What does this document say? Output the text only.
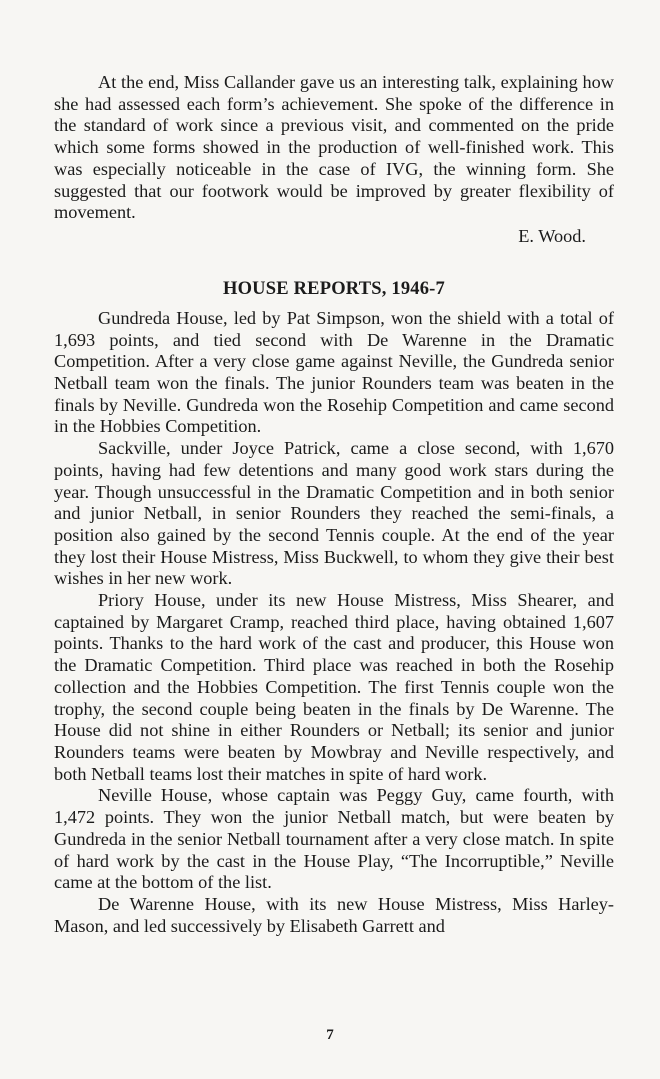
At the end, Miss Callander gave us an interesting talk, explaining how she had assessed each form’s achievement. She spoke of the difference in the standard of work since a previous visit, and commented on the pride which some forms showed in the production of well-finished work. This was especially noticeable in the case of IVG, the winning form. She suggested that our footwork would be improved by greater flexibility of movement.

E. Wood.
HOUSE REPORTS, 1946-7

Gundreda House, led by Pat Simpson, won the shield with a total of 1,693 points, and tied second with De Warenne in the Dramatic Competition. After a very close game against Neville, the Gundreda senior Netball team won the finals. The junior Rounders team was beaten in the finals by Neville. Gundreda won the Rosehip Competition and came second in the Hobbies Competition.

Sackville, under Joyce Patrick, came a close second, with 1,670 points, having had few detentions and many good work stars during the year. Though unsuccessful in the Dramatic Competition and in both senior and junior Netball, in senior Rounders they reached the semi-finals, a position also gained by the second Tennis couple. At the end of the year they lost their House Mistress, Miss Buckwell, to whom they give their best wishes in her new work.

Priory House, under its new House Mistress, Miss Shearer, and captained by Margaret Cramp, reached third place, having obtained 1,607 points. Thanks to the hard work of the cast and producer, this House won the Dramatic Competition. Third place was reached in both the Rosehip collection and the Hobbies Competition. The first Tennis couple won the trophy, the second couple being beaten in the finals by De Warenne. The House did not shine in either Rounders or Netball; its senior and junior Rounders teams were beaten by Mowbray and Neville respectively, and both Netball teams lost their matches in spite of hard work.

Neville House, whose captain was Peggy Guy, came fourth, with 1,472 points. They won the junior Netball match, but were beaten by Gundreda in the senior Netball tournament after a very close match. In spite of hard work by the cast in the House Play, “The Incorruptible,” Neville came at the bottom of the list.

De Warenne House, with its new House Mistress, Miss Harley-Mason, and led successively by Elisabeth Garrett and

7
